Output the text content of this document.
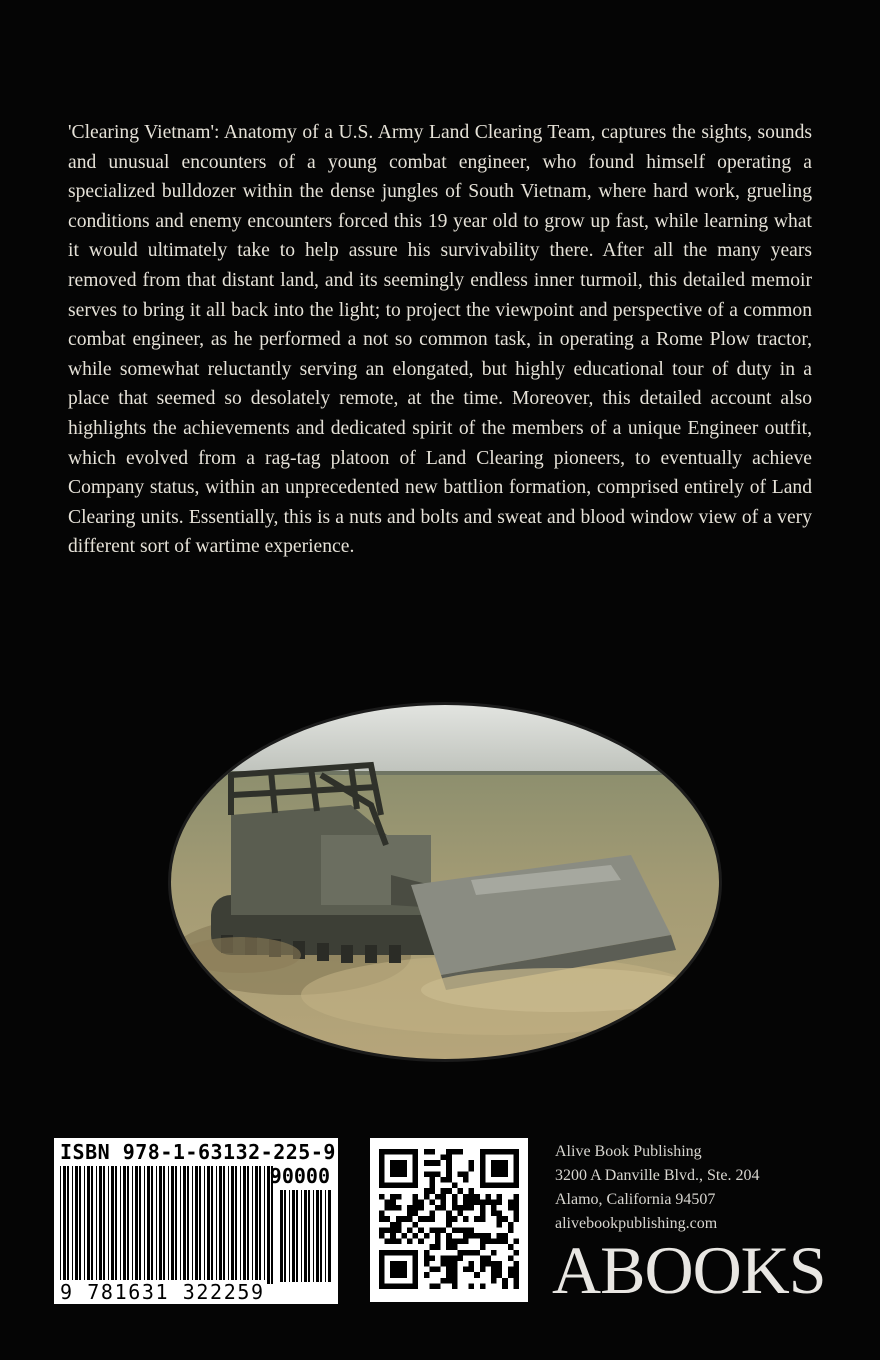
'Clearing Vietnam': Anatomy of a U.S. Army Land Clearing Team, captures the sights, sounds and unusual encounters of a young combat engineer, who found himself operating a specialized bulldozer within the dense jungles of South Vietnam, where hard work, grueling conditions and enemy encounters forced this 19 year old to grow up fast, while learning what it would ultimately take to help assure his survivability there. After all the many years removed from that distant land, and its seemingly endless inner turmoil, this detailed memoir serves to bring it all back into the light; to project the viewpoint and perspective of a common combat engineer, as he performed a not so common task, in operating a Rome Plow tractor, while somewhat reluctantly serving an elongated, but highly educational tour of duty in a place that seemed so desolately remote, at the time. Moreover, this detailed account also highlights the achievements and dedicated spirit of the members of a unique Engineer outfit, which evolved from a rag-tag platoon of Land Clearing pioneers, to eventually achieve Company status, within an unprecedented new battlion formation, comprised entirely of Land Clearing units. Essentially, this is a nuts and bolts and sweat and blood window view of a very different sort of wartime experience.

ISBN 978-1-63132-225-9
90000
9 781631 322259
Alive Book Publishing
3200 A Danville Blvd., Ste. 204
Alamo, California 94507
alivebookpublishing.com
ABOOKS
